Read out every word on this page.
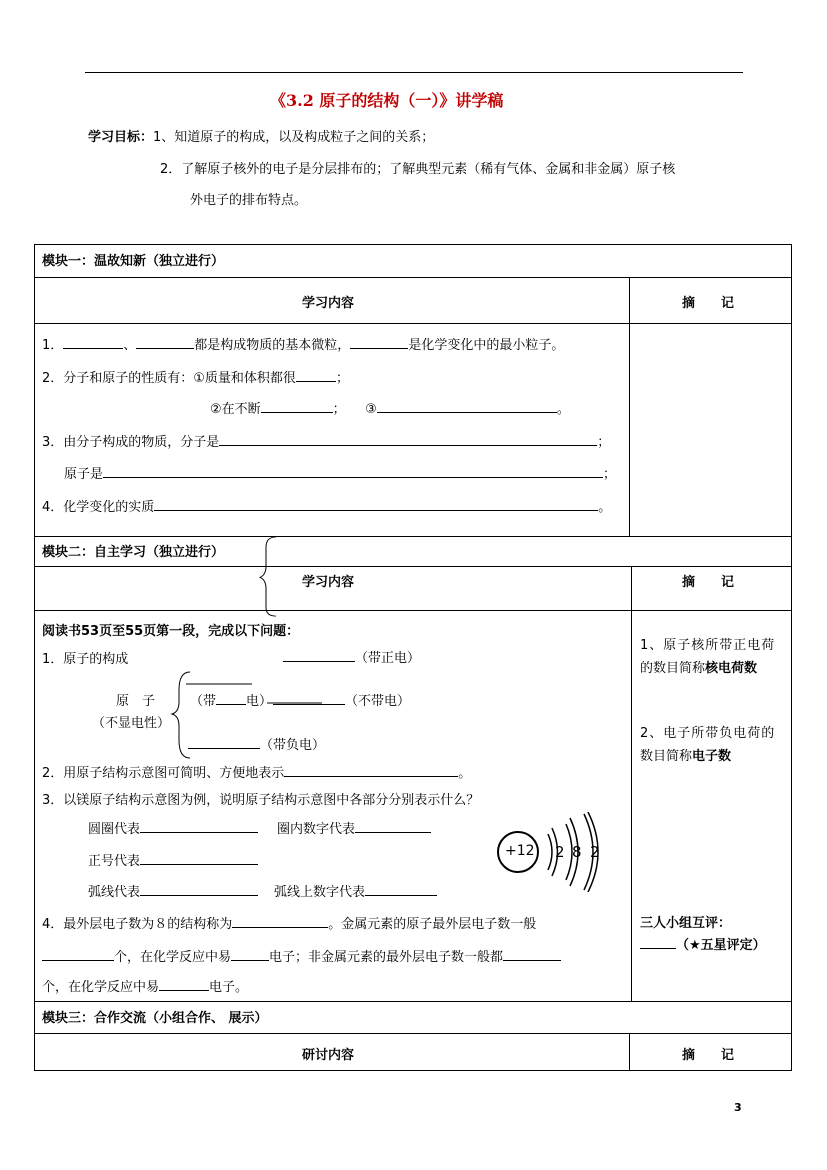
《3.2 原子的结构（一）》讲学稿
学习目标：1、知道原子的构成，以及构成粒子之间的关系；
2．了解原子核外的电子是分层排布的；了解典型元素（稀有气体、金属和非金属）原子核
外电子的排布特点。
模块一：温故知新（独立进行）
学习内容	摘　　记
1．	、	都是构成物质的基本微粒，	是化学变化中的最小粒子。
2．分子和原子的性质有：①质量和体积都很	；
②在不断	；　　③	。
3．由分子构成的物质，分子是	；
原子是	；
4．化学变化的实质	。
模块二：自主学习（独立进行）
学习内容	摘　　记
阅读书53页至55页第一段，完成以下问题：
1．原子的构成
原　子
（不显电性）
（带 电）
（带正电）
（不带电）
（带负电）
2．用原子结构示意图可简明、方便地表示	。
3．以镁原子结构示意图为例，说明原子结构示意图中各部分分别表示什么？
圆圈代表	圈内数字代表
正号代表
弧线代表	弧线上数字代表
+12 2 8 2
4．最外层电子数为８的结构称为	。金属元素的原子最外层电子数一般
个，在化学反应中易	电子；非金属元素的最外层电子数一般都
个，在化学反应中易	电子。
1、原子核所带正电荷
的数目简称核电荷数
2、电子所带负电荷的
数目简称电子数
三人小组互评：
（★五星评定）
模块三：合作交流（小组合作、 展示）
研讨内容	摘　　记
3
